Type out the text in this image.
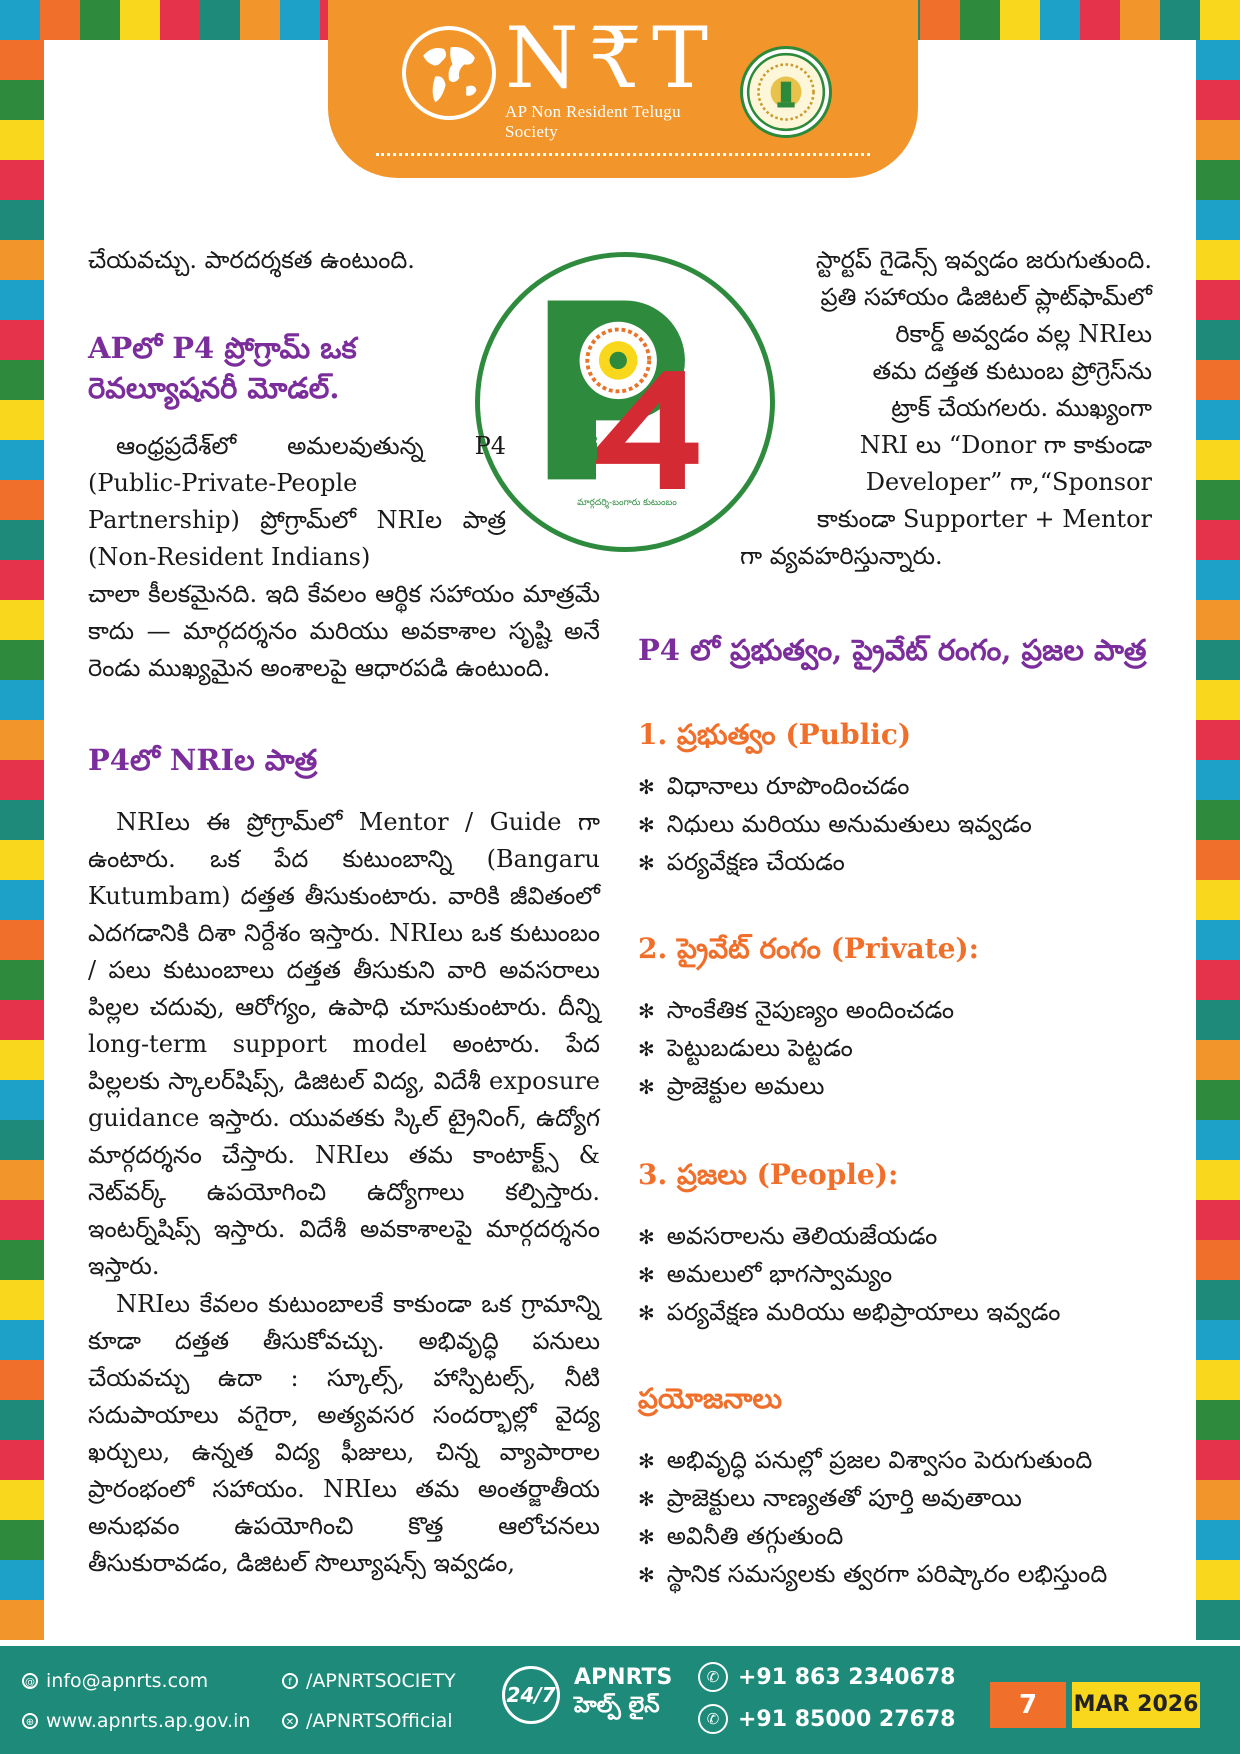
N₹T
AP Non Resident Telugu Society
మార్గదర్శి-బంగారు కుటుంబం

చేయవచ్చు. పారదర్శకత ఉంటుంది.

APలో P4 ప్రోగ్రామ్ ఒక రెవల్యూషనరీ మోడల్.

ఆంధ్రప్రదేశ్‌లో అమలవుతున్న P4 (Public-Private-People Partnership) ప్రోగ్రామ్‌లో NRIల పాత్ర (Non-Resident Indians)

చాలా కీలకమైనది. ఇది కేవలం ఆర్థిక సహాయం మాత్రమే కాదు — మార్గదర్శనం మరియు అవకాశాల సృష్టి అనే రెండు ముఖ్యమైన అంశాలపై ఆధారపడి ఉంటుంది.

P4లో NRIల పాత్ర

NRIలు ఈ ప్రోగ్రామ్‌లో Mentor / Guide గా ఉంటారు. ఒక పేద కుటుంబాన్ని (Bangaru Kutumbam) దత్తత తీసుకుంటారు. వారికి జీవితంలో ఎదగడానికి దిశా నిర్దేశం ఇస్తారు. NRIలు ఒక కుటుంబం / పలు కుటుంబాలు దత్తత తీసుకుని వారి అవసరాలు పిల్లల చదువు, ఆరోగ్యం, ఉపాధి చూసుకుంటారు. దీన్ని long-term support model అంటారు. పేద పిల్లలకు స్కాలర్‌షిప్స్, డిజిటల్ విద్య, విదేశీ exposure guidance ఇస్తారు. యువతకు స్కిల్ ట్రైనింగ్, ఉద్యోగ మార్గదర్శనం చేస్తారు. NRIలు తమ కాంటాక్ట్స్ & నెట్‌వర్క్ ఉపయోగించి ఉద్యోగాలు కల్పిస్తారు. ఇంటర్న్‌షిప్స్ ఇస్తారు. విదేశీ అవకాశాలపై మార్గదర్శనం ఇస్తారు.

NRIలు కేవలం కుటుంబాలకే కాకుండా ఒక గ్రామాన్ని కూడా దత్తత తీసుకోవచ్చు. అభివృద్ధి పనులు చేయవచ్చు ఉదా : స్కూల్స్, హాస్పిటల్స్, నీటి సదుపాయాలు వగైరా, అత్యవసర సందర్భాల్లో వైద్య ఖర్చులు, ఉన్నత విద్య ఫీజులు, చిన్న వ్యాపారాల ప్రారంభంలో సహాయం. NRIలు తమ అంతర్జాతీయ అనుభవం ఉపయోగించి కొత్త ఆలోచనలు తీసుకురావడం, డిజిటల్ సొల్యూషన్స్ ఇవ్వడం,

స్టార్టప్ గైడెన్స్ ఇవ్వడం జరుగుతుంది.
ప్రతి సహాయం డిజిటల్ ప్లాట్‌ఫామ్‌లో
రికార్డ్ అవ్వడం వల్ల NRIలు
తమ దత్తత కుటుంబ ప్రోగ్రెస్‌ను
ట్రాక్ చేయగలరు. ముఖ్యంగా
NRI లు “Donor గా కాకుండా
Developer” గా,“Sponsor
కాకుండా Supporter + Mentor
గా వ్యవహరిస్తున్నారు.
P4 లో ప్రభుత్వం, ప్రైవేట్ రంగం, ప్రజల పాత్ర
1. ప్రభుత్వం (Public)
✻ విధానాలు రూపొందించడం
✻ నిధులు మరియు అనుమతులు ఇవ్వడం
✻ పర్యవేక్షణ చేయడం
2. ప్రైవేట్ రంగం (Private):
✻ సాంకేతిక నైపుణ్యం అందించడం
✻ పెట్టుబడులు పెట్టడం
✻ ప్రాజెక్టుల అమలు
3. ప్రజలు (People):
✻ అవసరాలను తెలియజేయడం
✻ అమలులో భాగస్వామ్యం
✻ పర్యవేక్షణ మరియు అభిప్రాయాలు ఇవ్వడం
ప్రయోజనాలు
✻ అభివృద్ధి పనుల్లో ప్రజల విశ్వాసం పెరుగుతుంది
✻ ప్రాజెక్టులు నాణ్యతతో పూర్తి అవుతాయి
✻ అవినీతి తగ్గుతుంది
✻ స్థానిక సమస్యలకు త్వరగా పరిష్కారం లభిస్తుంది
@ info@apnrts.com
⊕ www.apnrts.ap.gov.in
f /APNRTSOCIETY
✕ /APNRTSOfficial
24/7
APNRTS
హెల్ప్ లైన్
✆ +91 863 2340678
✆ +91 85000 27678	7	MAR 2026
